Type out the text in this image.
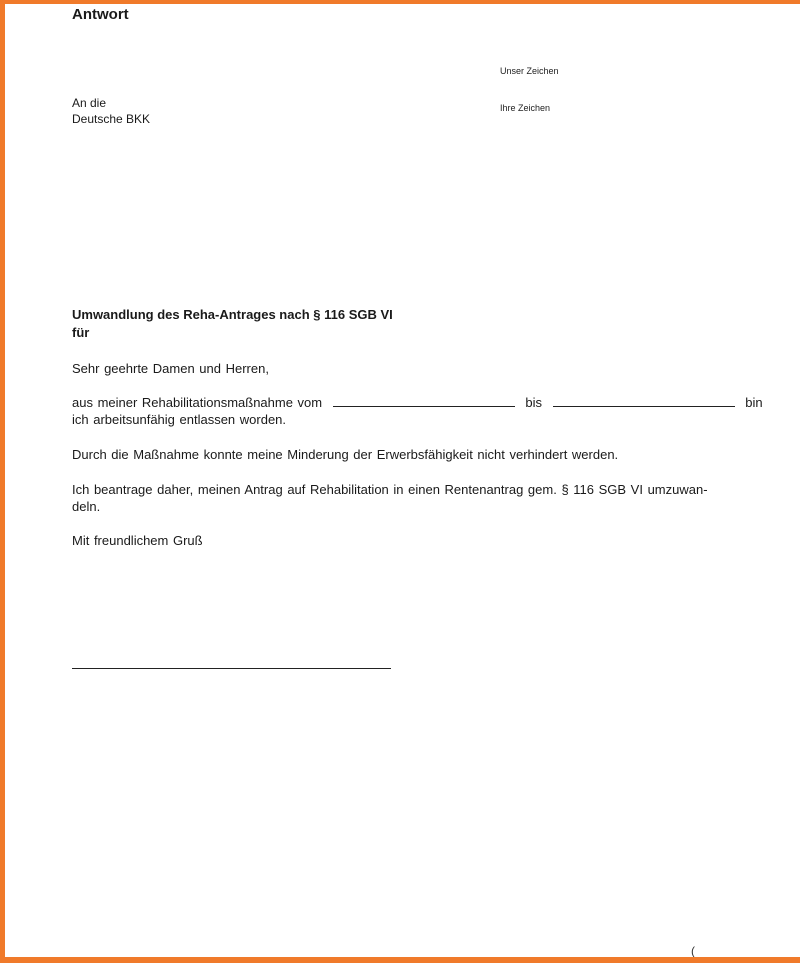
Antwort
Unser Zeichen
Ihre Zeichen
An die
Deutsche BKK
Umwandlung des Reha-Antrages nach § 116 SGB VI
für
Sehr geehrte Damen und Herren,
aus meiner Rehabilitationsmaßnahme vom	bis	bin
ich arbeitsunfähig entlassen worden.
Durch die Maßnahme konnte meine Minderung der Erwerbsfähigkeit nicht verhindert werden.
Ich beantrage daher, meinen Antrag auf Rehabilitation in einen Rentenantrag gem. § 116 SGB VI umzuwan-
deln.
Mit freundlichem Gruß
(
